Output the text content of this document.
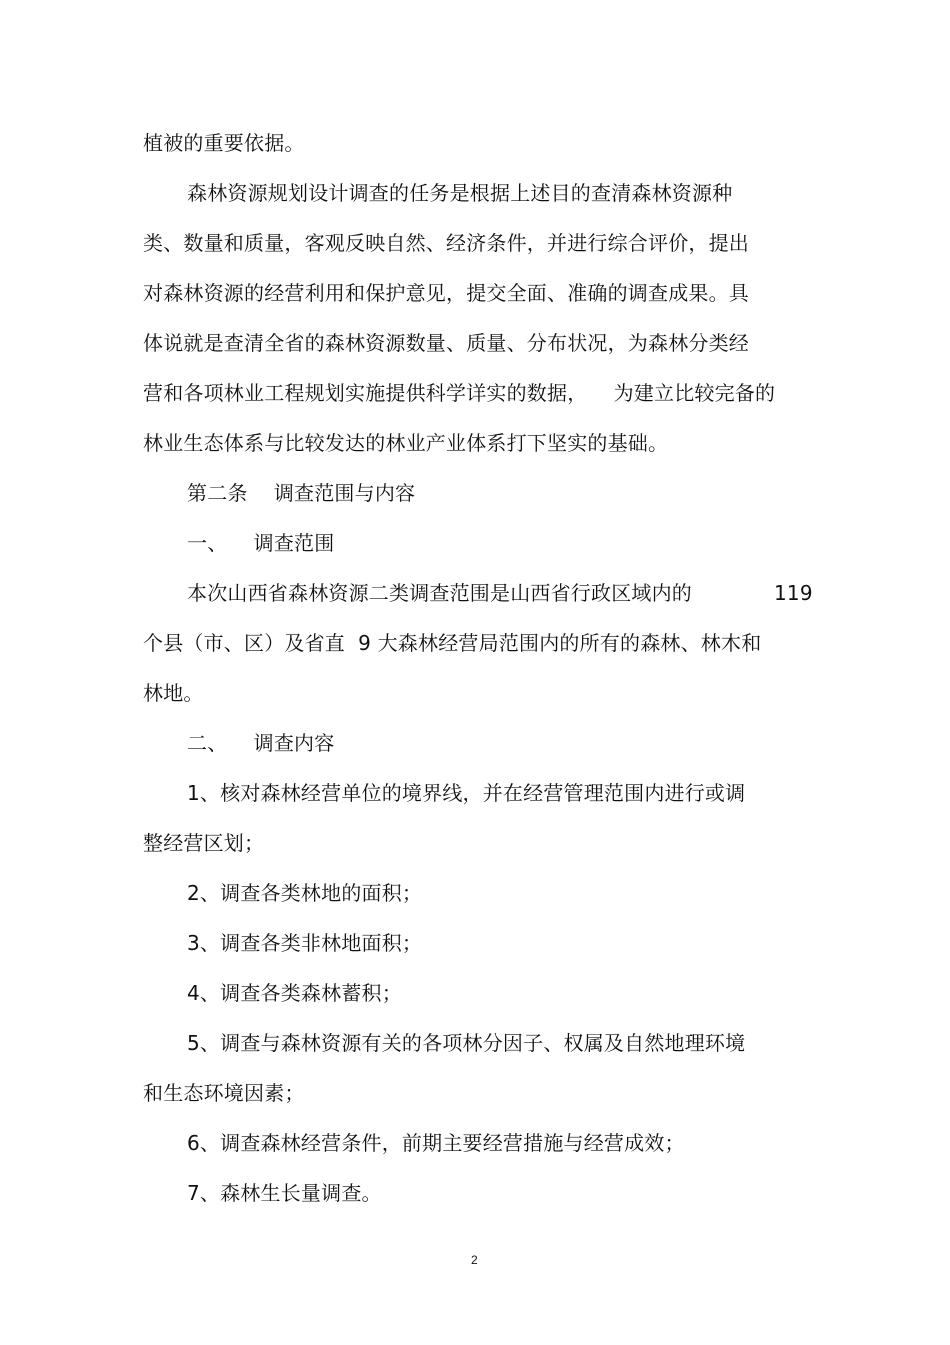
植被的重要依据。
森林资源规划设计调查的任务是根据上述目的查清森林资源种
类、数量和质量，客观反映自然、经济条件，并进行综合评价，提出
对森林资源的经营利用和保护意见，提交全面、准确的调查成果。具
体说就是查清全省的森林资源数量、质量、分布状况，为森林分类经
营和各项林业工程规划实施提供科学详实的数据，    为建立比较完备的
林业生态体系与比较发达的林业产业体系打下坚实的基础。
第二条    调查范围与内容
一、    调查范围
本次山西省森林资源二类调查范围是山西省行政区域内的	119
个县（市、区）及省直  9 大森林经营局范围内的所有的森林、林木和
林地。
二、    调查内容
1、核对森林经营单位的境界线，并在经营管理范围内进行或调
整经营区划；
2、调查各类林地的面积；
3、调查各类非林地面积；
4、调查各类森林蓄积；
5、调查与森林资源有关的各项林分因子、权属及自然地理环境
和生态环境因素；
6、调查森林经营条件，前期主要经营措施与经营成效；
7、森林生长量调查。
2
